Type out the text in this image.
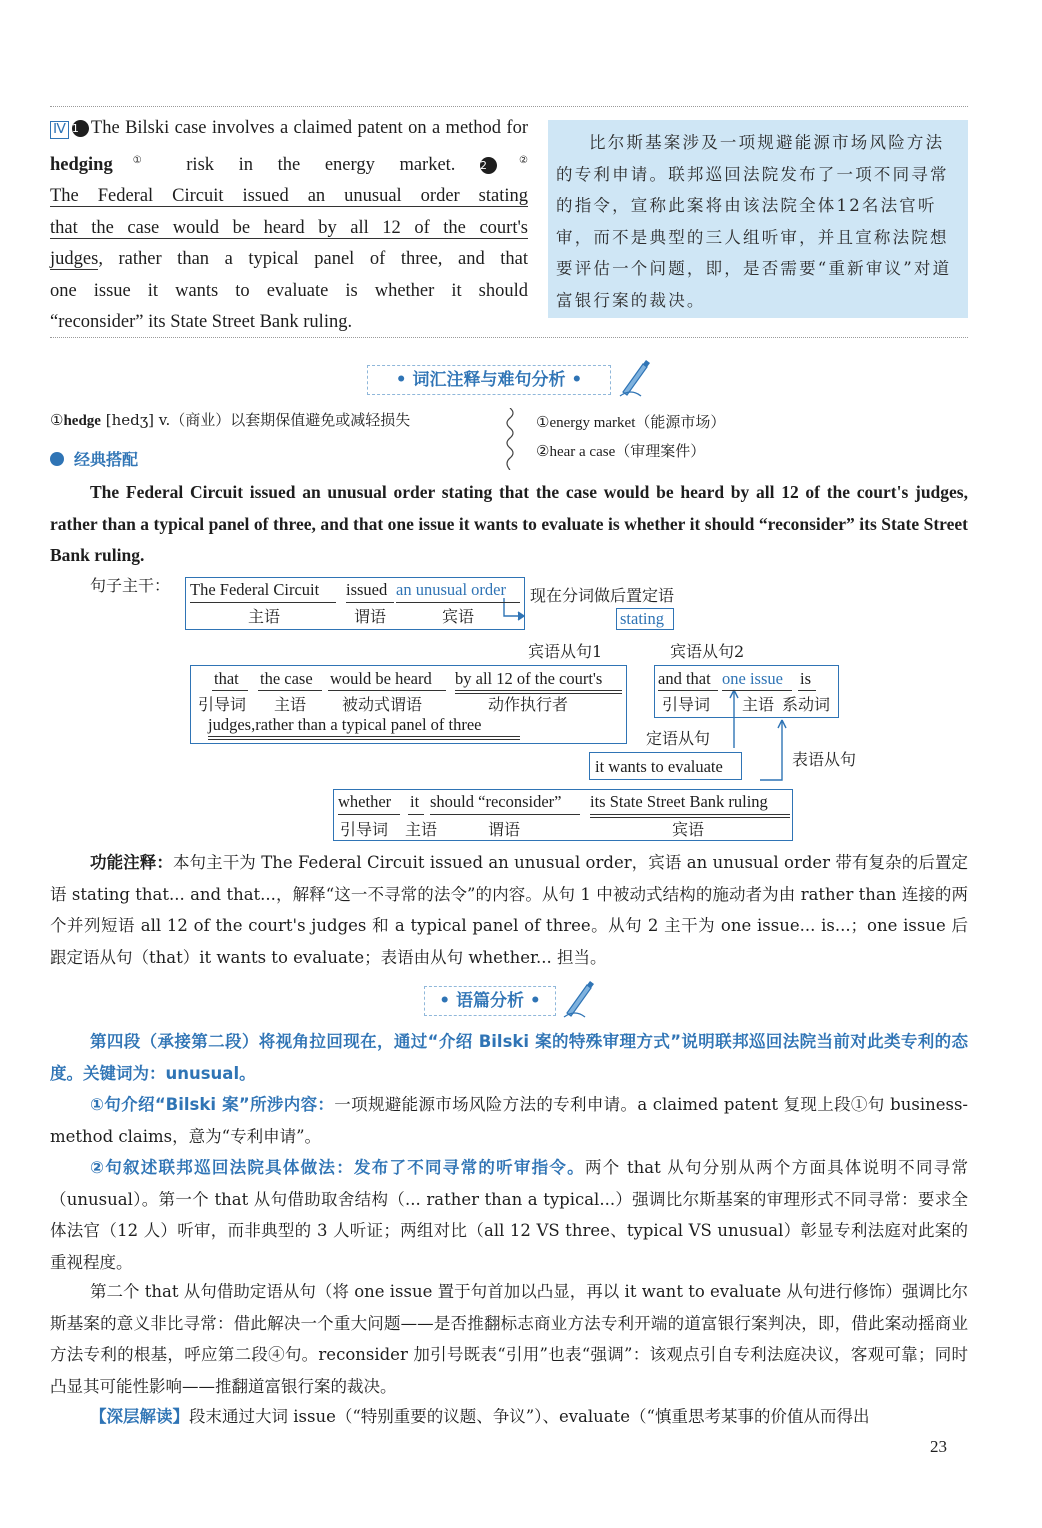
Ⅳ 1 The Bilski case involves a claimed patent on a method for hedging① risk in the energy market. 2 ②
The Federal Circuit issued an unusual order stating
that the case would be heard by all 12 of the court's
judges, rather than a typical panel of three, and that
one issue it wants to evaluate is whether it should
“reconsider” its State Street Bank ruling.
比尔斯基案涉及一项规避能源市场风险方法的专利申请。联邦巡回法院发布了一项不同寻常的指令，宣称此案将由该法院全体12名法官听审，而不是典型的三人组听审，并且宣称法院想要评估一个问题，即，是否需要“重新审议”对道富银行案的裁决。
• 词汇注释与难句分析 •
①hedge [hedʒ] v.（商业）以套期保值避免或减轻损失	①energy market（能源市场）
②hear a case（审理案件）
经典搭配
The Federal Circuit issued an unusual order stating that the case would be heard by all 12 of the court's judges, rather than a typical panel of three, and that one issue it wants to evaluate is whether it should “reconsider” its State Street Bank ruling.
句子主干： The Federal Circuit issued an unusual order
主语	谓语	宾语
现在分词做后置定语
stating
宾语从句1	宾语从句2
that the case would be heard by all 12 of the court's
引导词 主语 被动式谓语	动作执行者
judges,rather than a typical panel of three
and that one issue is
引导词 主语 系动词
定语从句
it wants to evaluate	表语从句
whether it should “reconsider” its State Street Bank ruling
引导词 主语	谓语	宾语
功能注释：本句主干为 The Federal Circuit issued an unusual order，宾语 an unusual order 带有复杂的后置定语 stating that... and that...，解释“这一不寻常的法令”的内容。从句 1 中被动式结构的施动者为由 rather than 连接的两个并列短语 all 12 of the court's judges 和 a typical panel of three。从句 2 主干为 one issue... is...；one issue 后跟定语从句（that）it wants to evaluate；表语由从句 whether... 担当。
• 语篇分析 •
第四段（承接第二段）将视角拉回现在，通过“介绍 Bilski 案的特殊审理方式”说明联邦巡回法院当前对此类专利的态度。关键词为：unusual。
①句介绍“Bilski 案”所涉内容：一项规避能源市场风险方法的专利申请。a claimed patent 复现上段①句 business-method claims，意为“专利申请”。
②句叙述联邦巡回法院具体做法：发布了不同寻常的听审指令。两个 that 从句分别从两个方面具体说明不同寻常（unusual）。第一个 that 从句借助取舍结构（... rather than a typical...）强调比尔斯基案的审理形式不同寻常：要求全体法官（12 人）听审，而非典型的 3 人听证；两组对比（all 12 VS three、typical VS unusual）彰显专利法庭对此案的重视程度。
第二个 that 从句借助定语从句（将 one issue 置于句首加以凸显，再以 it want to evaluate 从句进行修饰）强调比尔斯基案的意义非比寻常：借此解决一个重大问题——是否推翻标志商业方法专利开端的道富银行案判决，即，借此案动摇商业方法专利的根基，呼应第二段④句。reconsider 加引号既表“引用”也表“强调”：该观点引自专利法庭决议，客观可靠；同时凸显其可能性影响——推翻道富银行案的裁决。
【深层解读】段末通过大词 issue（“特别重要的议题、争议”）、evaluate（“慎重思考某事的价值从而得出
23
